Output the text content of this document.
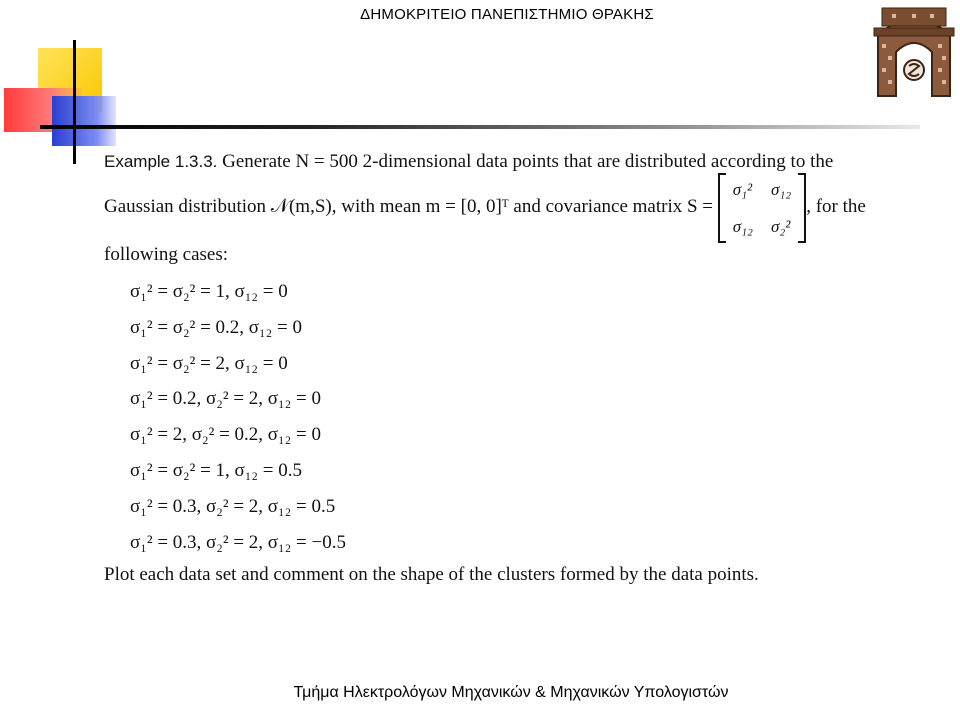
ΔΗΜΟΚΡΙΤΕΙΟ ΠΑΝΕΠΙΣΤΗΜΙΟ ΘΡΑΚΗΣ
Example 1.3.3. Generate N = 500 2-dimensional data points that are distributed according to the
Gaussian distribution 𝒩(m,S), with mean m = [0, 0]ᵀ and covariance matrix S =
σ₁²	σ₁₂
σ₁₂	σ₂²
, for the
following cases:
σ₁² = σ₂² = 1, σ₁₂ = 0
σ₁² = σ₂² = 0.2, σ₁₂ = 0
σ₁² = σ₂² = 2, σ₁₂ = 0
σ₁² = 0.2, σ₂² = 2, σ₁₂ = 0
σ₁² = 2, σ₂² = 0.2, σ₁₂ = 0
σ₁² = σ₂² = 1, σ₁₂ = 0.5
σ₁² = 0.3, σ₂² = 2, σ₁₂ = 0.5
σ₁² = 0.3, σ₂² = 2, σ₁₂ = −0.5
Plot each data set and comment on the shape of the clusters formed by the data points.
Τμήμα Ηλεκτρολόγων Μηχανικών & Μηχανικών Υπολογιστών
